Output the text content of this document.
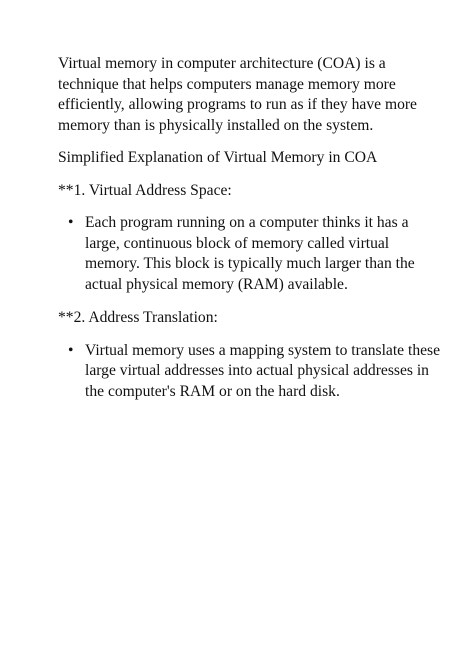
Virtual memory in computer architecture (COA) is a technique that helps computers manage memory more efficiently, allowing programs to run as if they have more memory than is physically installed on the system.

Simplified Explanation of Virtual Memory in COA

**1. Virtual Address Space:

• Each program running on a computer thinks it has a large, continuous block of memory called virtual memory. This block is typically much larger than the actual physical memory (RAM) available.

**2. Address Translation:

• Virtual memory uses a mapping system to translate these large virtual addresses into actual physical addresses in the computer's RAM or on the hard disk.
